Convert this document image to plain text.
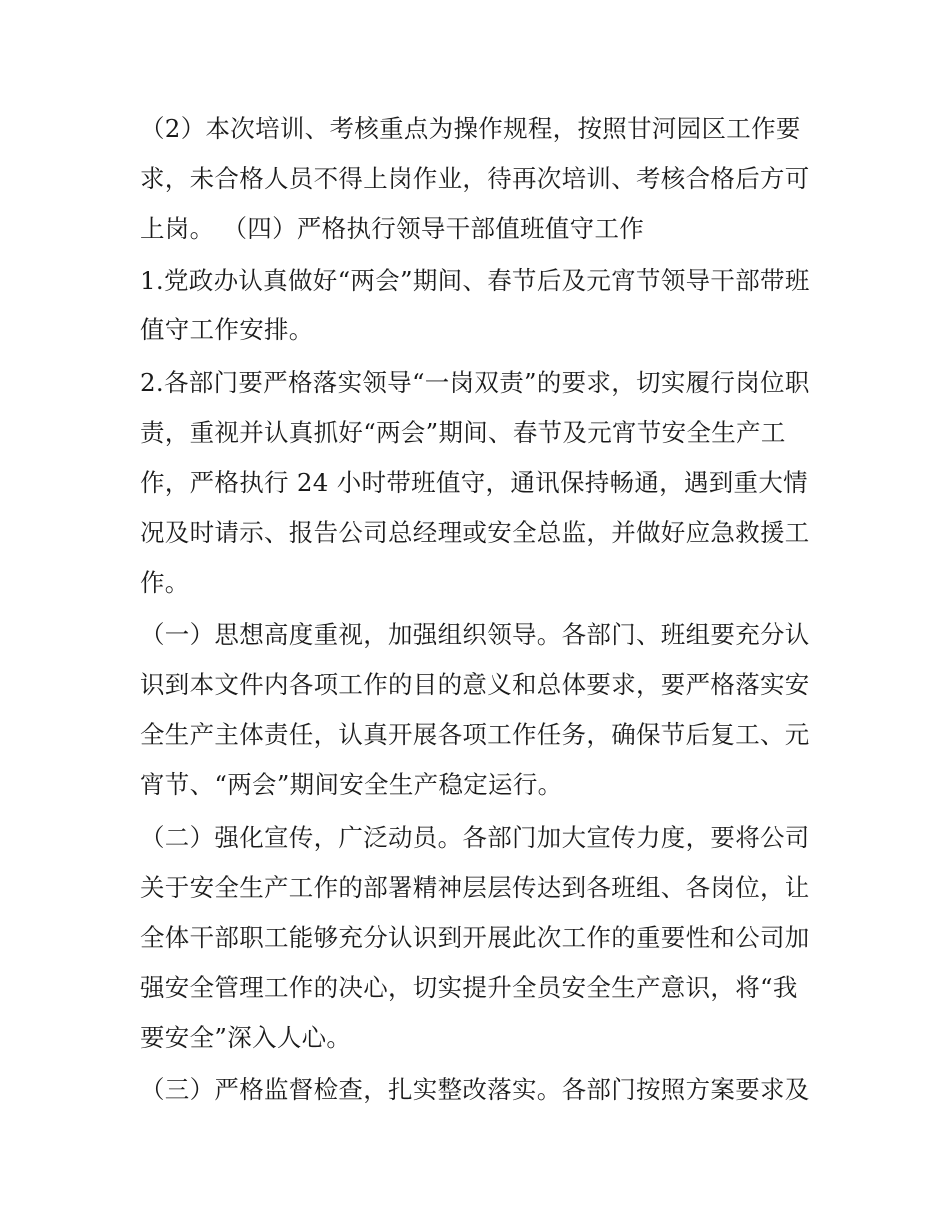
（2）本次培训、考核重点为操作规程，按照甘河园区工作要
求，未合格人员不得上岗作业，待再次培训、考核合格后方可
上岗。 （四）严格执行领导干部值班值守工作
1.党政办认真做好“两会”期间、春节后及元宵节领导干部带班
值守工作安排。
2.各部门要严格落实领导“一岗双责”的要求，切实履行岗位职
责，重视并认真抓好“两会”期间、春节及元宵节安全生产工
作，严格执行 24 小时带班值守，通讯保持畅通，遇到重大情
况及时请示、报告公司总经理或安全总监，并做好应急救援工
作。
（一）思想高度重视，加强组织领导。各部门、班组要充分认
识到本文件内各项工作的目的意义和总体要求，要严格落实安
全生产主体责任，认真开展各项工作任务，确保节后复工、元
宵节、“两会”期间安全生产稳定运行。
（二）强化宣传，广泛动员。各部门加大宣传力度，要将公司
关于安全生产工作的部署精神层层传达到各班组、各岗位，让
全体干部职工能够充分认识到开展此次工作的重要性和公司加
强安全管理工作的决心，切实提升全员安全生产意识，将“我
要安全”深入人心。
（三）严格监督检查，扎实整改落实。各部门按照方案要求及
